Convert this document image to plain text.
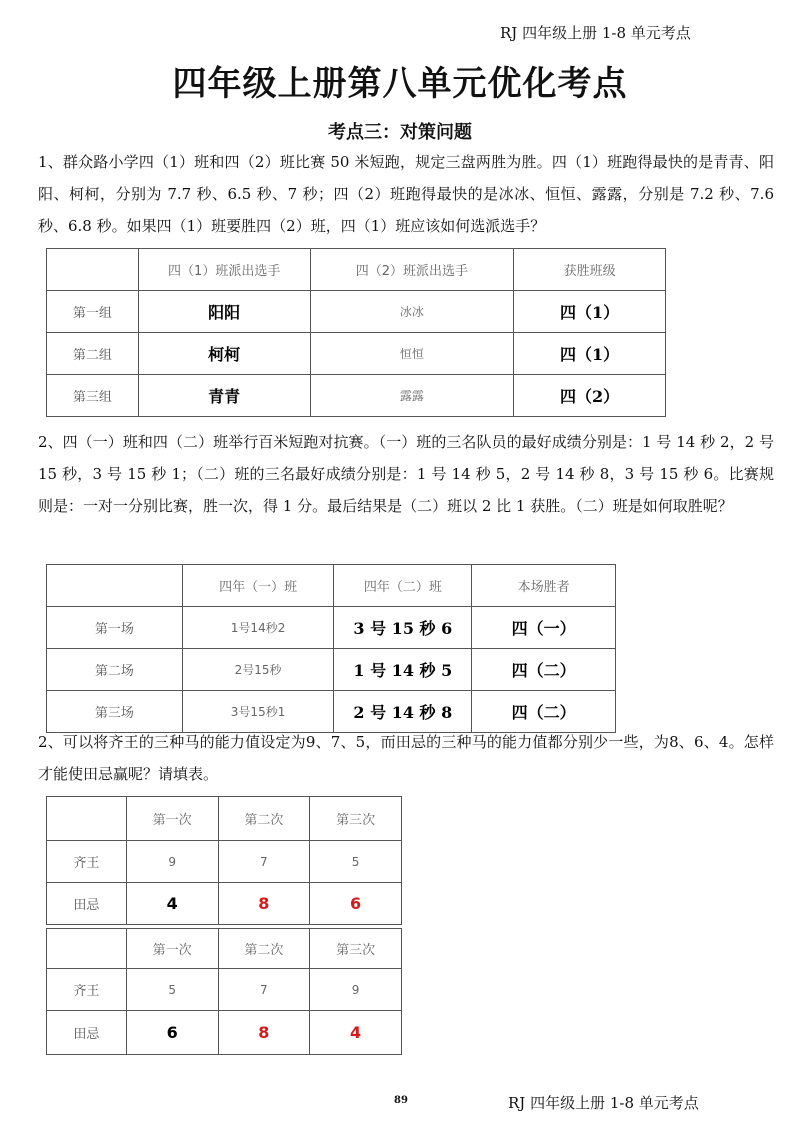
RJ 四年级上册 1-8 单元考点
四年级上册第八单元优化考点
考点三：对策问题
1、群众路小学四（1）班和四（2）班比赛 50 米短跑，规定三盘两胜为胜。四（1）班跑得最快的是青青、阳阳、柯柯，分别为 7.7 秒、6.5 秒、7 秒；四（2）班跑得最快的是冰冰、恒恒、露露，分别是 7.2 秒、7.6 秒、6.8 秒。如果四（1）班要胜四（2）班，四（1）班应该如何选派选手？
	四（1）班派出选手	四（2）班派出选手	获胜班级
第一组	阳阳	冰冰	四（1）
第二组	柯柯	恒恒	四（1）
第三组	青青	露露	四（2）
2、四（一）班和四（二）班举行百米短跑对抗赛。（一）班的三名队员的最好成绩分别是：1 号 14 秒 2，2 号 15 秒，3 号 15 秒 1；（二）班的三名最好成绩分别是：1 号 14 秒 5，2 号 14 秒 8，3 号 15 秒 6。比赛规则是：一对一分别比赛，胜一次，得 1 分。最后结果是（二）班以 2 比 1 获胜。（二）班是如何取胜呢？
	四年（一）班	四年（二）班	本场胜者
第一场	1号14秒2	3 号 15 秒 6	四（一）
第二场	2号15秒	1 号 14 秒 5	四（二）
第三场	3号15秒1	2 号 14 秒 8	四（二）
2、可以将齐王的三种马的能力值设定为9、7、5，而田忌的三种马的能力值都分别少一些，为8、6、4。怎样才能使田忌赢呢？请填表。
	第一次	第二次	第三次
齐王	9	7	5
田忌	4	8	6
	第一次	第二次	第三次
齐王	5	7	9
田忌	6	8	4
89	RJ 四年级上册 1-8 单元考点
